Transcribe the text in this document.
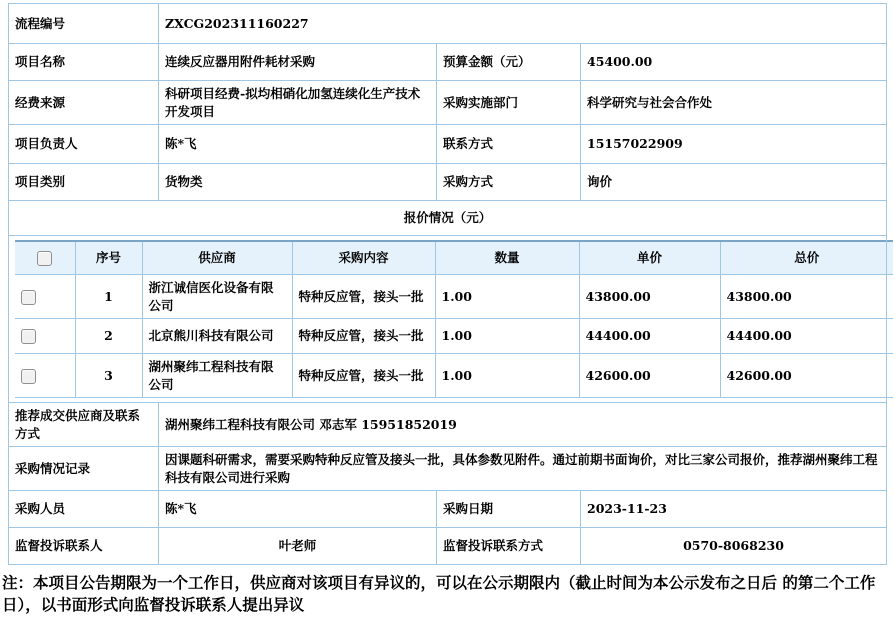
流程编号	ZXCG202311160227
项目名称	连续反应器用附件耗材采购	预算金额（元）	45400.00
经费来源	科研项目经费-拟均相硝化加氢连续化生产技术开发项目	采购实施部门	科学研究与社会合作处
项目负责人	陈*飞	联系方式	15157022909
项目类别	货物类	采购方式	询价
报价情况（元）

	序号	供应商	采购内容	数量	单价	总价
	1	浙江诚信医化设备有限公司	特种反应管，接头一批	1.00	43800.00	43800.00
	2	北京熊川科技有限公司	特种反应管，接头一批	1.00	44400.00	44400.00
	3	湖州聚纬工程科技有限公司	特种反应管，接头一批	1.00	42600.00	42600.00

推荐成交供应商及联系方式	湖州聚纬工程科技有限公司 邓志军 15951852019
采购情况记录	因课题科研需求，需要采购特种反应管及接头一批，具体参数见附件。通过前期书面询价，对比三家公司报价，推荐湖州聚纬工程科技有限公司进行采购
采购人员	陈*飞	采购日期	2023-11-23
监督投诉联系人	叶老师	监督投诉联系方式	0570-8068230
注：本项目公告期限为一个工作日，供应商对该项目有异议的，可以在公示期限内（截止时间为本公示发布之日后 的第二个工作日），以书面形式向监督投诉联系人提出异议
